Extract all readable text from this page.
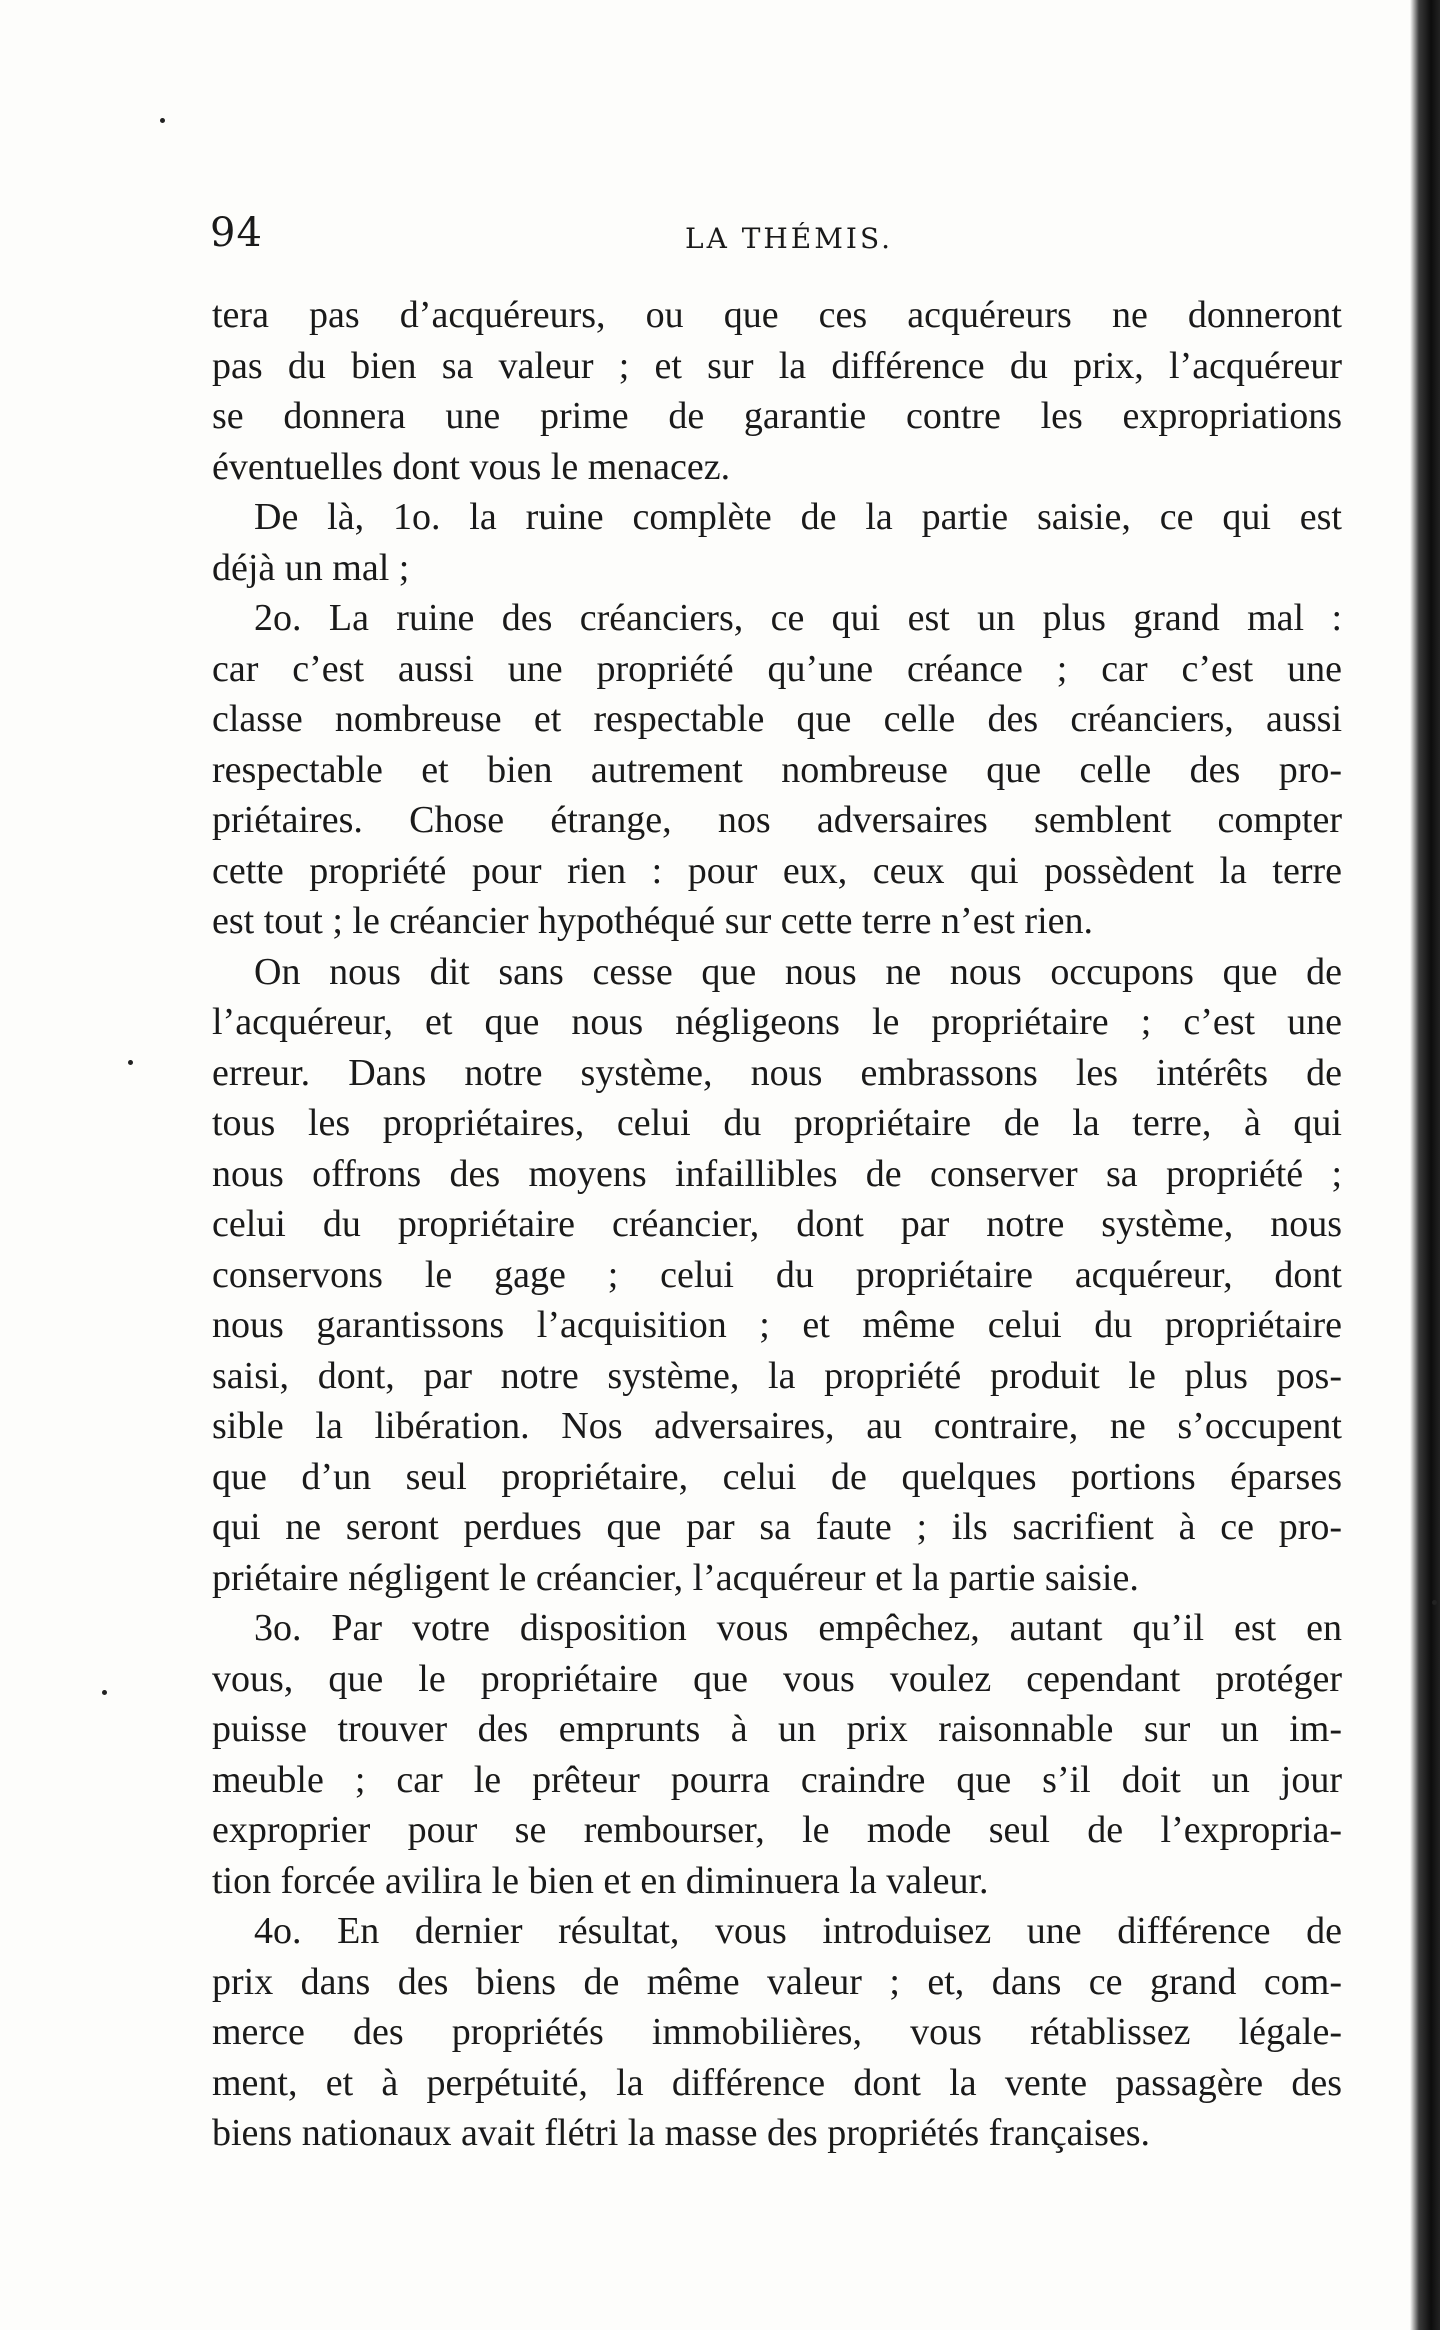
94	LA THÉMIS.
tera pas d’acquéreurs, ou que ces acquéreurs ne donneront
pas du bien sa valeur ; et sur la différence du prix, l’acquéreur
se donnera une prime de garantie contre les expropriations
éventuelles dont vous le menacez.
De là, 1o. la ruine complète de la partie saisie, ce qui est
déjà un mal ;
2o. La ruine des créanciers, ce qui est un plus grand mal :
car c’est aussi une propriété qu’une créance ; car c’est une
classe nombreuse et respectable que celle des créanciers, aussi
respectable et bien autrement nombreuse que celle des pro-
priétaires. Chose étrange, nos adversaires semblent compter
cette propriété pour rien : pour eux, ceux qui possèdent la terre
est tout ; le créancier hypothéqué sur cette terre n’est rien.
On nous dit sans cesse que nous ne nous occupons que de
l’acquéreur, et que nous négligeons le propriétaire ; c’est une
erreur. Dans notre système, nous embrassons les intérêts de
tous les propriétaires, celui du propriétaire de la terre, à qui
nous offrons des moyens infaillibles de conserver sa propriété ;
celui du propriétaire créancier, dont par notre système, nous
conservons le gage ; celui du propriétaire acquéreur, dont
nous garantissons l’acquisition ; et même celui du propriétaire
saisi, dont, par notre système, la propriété produit le plus pos-
sible la libération. Nos adversaires, au contraire, ne s’occupent
que d’un seul propriétaire, celui de quelques portions éparses
qui ne seront perdues que par sa faute ; ils sacrifient à ce pro-
priétaire négligent le créancier, l’acquéreur et la partie saisie.
3o. Par votre disposition vous empêchez, autant qu’il est en
vous, que le propriétaire que vous voulez cependant protéger
puisse trouver des emprunts à un prix raisonnable sur un im-
meuble ; car le prêteur pourra craindre que s’il doit un jour
exproprier pour se rembourser, le mode seul de l’expropria-
tion forcée avilira le bien et en diminuera la valeur.
4o. En dernier résultat, vous introduisez une différence de
prix dans des biens de même valeur ; et, dans ce grand com-
merce des propriétés immobilières, vous rétablissez légale-
ment, et à perpétuité, la différence dont la vente passagère des
biens nationaux avait flétri la masse des propriétés françaises.
